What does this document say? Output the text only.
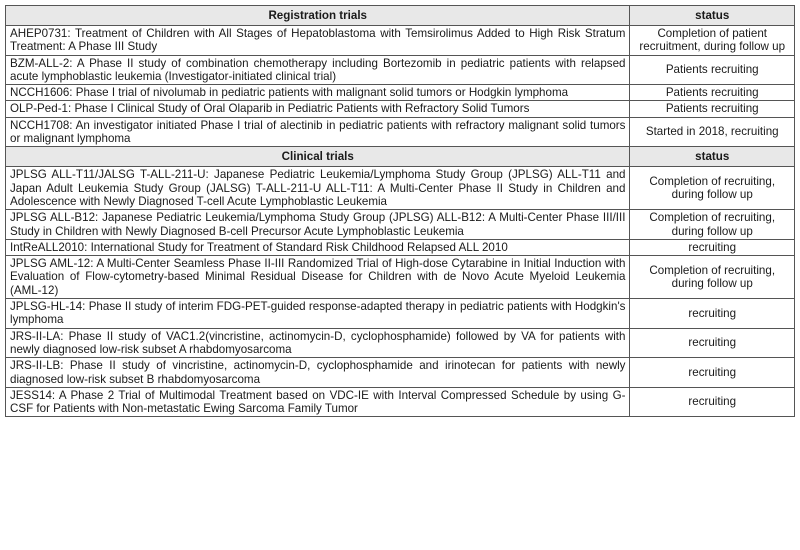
Registration trials	status
AHEP0731: Treatment of Children with All Stages of Hepatoblastoma with Temsirolimus Added to High Risk Stratum Treatment: A Phase III Study	Completion of patient recruitment, during follow up
BZM-ALL-2: A Phase II study of combination chemotherapy including Bortezomib in pediatric patients with relapsed acute lymphoblastic leukemia (Investigator-initiated clinical trial)	Patients recruiting
NCCH1606: Phase I trial of nivolumab in pediatric patients with malignant solid tumors or Hodgkin lymphoma	Patients recruiting
OLP-Ped-1: Phase I Clinical Study of Oral Olaparib in Pediatric Patients with Refractory Solid Tumors	Patients recruiting
NCCH1708: An investigator initiated Phase I trial of alectinib in pediatric patients with refractory malignant solid tumors or malignant lymphoma	Started in 2018, recruiting
Clinical trials	status
JPLSG ALL-T11/JALSG T-ALL-211-U: Japanese Pediatric Leukemia/Lymphoma Study Group (JPLSG) ALL-T11 and Japan Adult Leukemia Study Group (JALSG) T-ALL-211-U ALL-T11: A Multi-Center Phase II Study in Children and Adolescence with Newly Diagnosed T-cell Acute Lymphoblastic Leukemia	Completion of recruiting, during follow up
JPLSG ALL-B12: Japanese Pediatric Leukemia/Lymphoma Study Group (JPLSG) ALL-B12: A Multi-Center Phase III/III Study in Children with Newly Diagnosed B-cell Precursor Acute Lymphoblastic Leukemia	Completion of recruiting, during follow up
IntReALL2010: International Study for Treatment of Standard Risk Childhood Relapsed ALL 2010	recruiting
JPLSG AML-12: A Multi-Center Seamless Phase II-III Randomized Trial of High-dose Cytarabine in Initial Induction with Evaluation of Flow-cytometry-based Minimal Residual Disease for Children with de Novo Acute Myeloid Leukemia (AML-12)	Completion of recruiting, during follow up
JPLSG-HL-14: Phase II study of interim FDG-PET-guided response-adapted therapy in pediatric patients with Hodgkin's lymphoma	recruiting
JRS-II-LA: Phase II study of VAC1.2(vincristine, actinomycin-D, cyclophosphamide) followed by VA for patients with newly diagnosed low-risk subset A rhabdomyosarcoma	recruiting
JRS-II-LB: Phase II study of vincristine, actinomycin-D, cyclophosphamide and irinotecan for patients with newly diagnosed low-risk subset B rhabdomyosarcoma	recruiting
JESS14: A Phase 2 Trial of Multimodal Treatment based on VDC-IE with Interval Compressed Schedule by using G-CSF for Patients with Non-metastatic Ewing Sarcoma Family Tumor	recruiting
